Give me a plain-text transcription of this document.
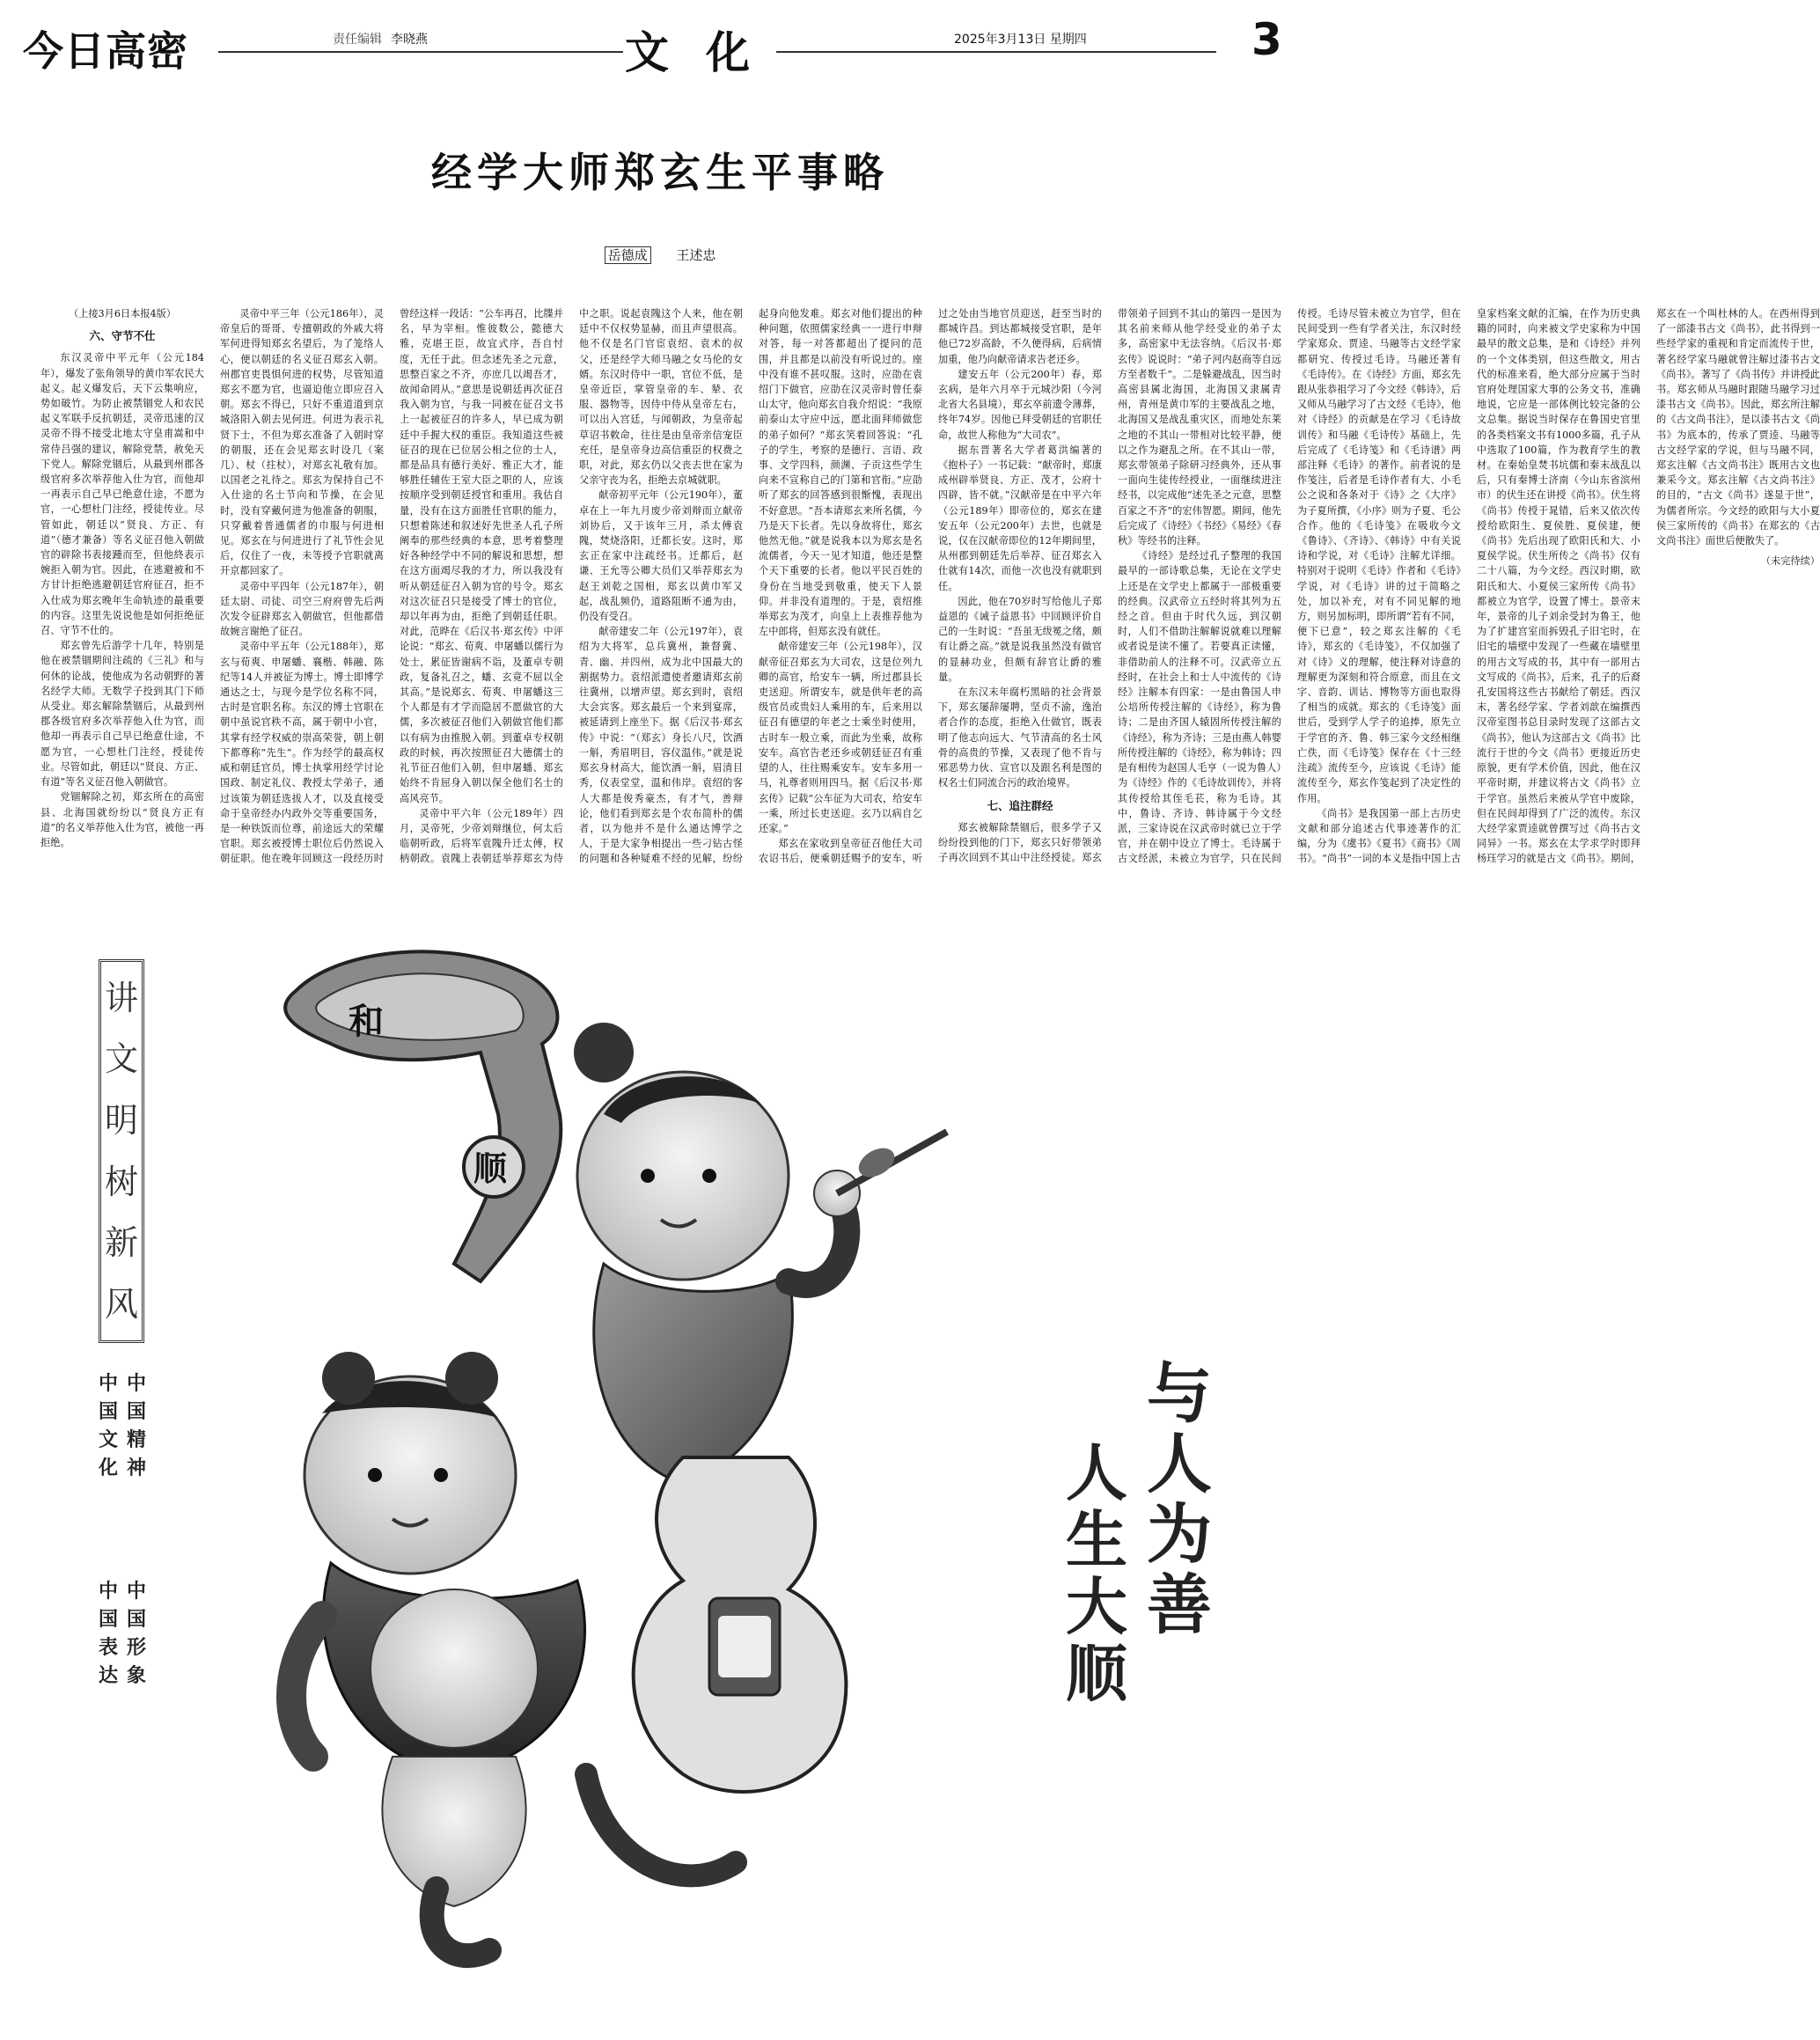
今日高密	责任编辑 李晓燕	文化	2025年3月13日 星期四	3
经学大师郑玄生平事略
岳德成 王述忠

（上接3月6日本报4版）

六、守节不仕

东汉灵帝中平元年（公元184年），爆发了张角领导的黄巾军农民大起义。起义爆发后，天下云集响应，势如破竹。为防止被禁锢党人和农民起义军联手反抗朝廷，灵帝迅速的汉灵帝不得不接受北地太守皇甫嵩和中常侍吕强的建议，解除党禁，赦免天下党人。解除党锢后，从最到州郡各级官府多次举荐他入仕为官，而他却一再表示自己早已绝意仕途，不愿为官，一心想杜门注经，授徒传业。尽管如此，朝廷以“贤良、方正、有道”（德才兼备）等名义征召他入朝做官的辟除书表接踵而至，但他終表示婉拒入朝为官。因此，在逃避被和不方甘计拒绝逃避朝廷官府征召，拒不入仕成为郑玄晚年生命轨迹的最重要的内容。这里先说说他是如何拒绝征召、守节不仕的。

郑玄曾先后游学十几年，特别是他在被禁锢期间注疏的《三礼》和与何休的论战，使他成为名动朝野的著名经学大师。无数学子投到其门下师从受业。郑玄解除禁锢后，从最到州郡各级官府多次举荐他入仕为官，而他却一再表示自己早已绝意仕途，不愿为官，一心想杜门注经，授徒传业。尽管如此，朝廷以“贤良、方正、有道”等名义征召他入朝做官。

党锢解除之初，郑玄所在的高密县、北海国就纷纷以“贤良方正有道”的名义举荐他入仕为官，被他一再拒绝。

灵帝中平三年（公元186年），灵帝皇后的哥哥、专擅朝政的外戚大将军何进得知郑玄名望后，为了笼络人心，便以朝廷的名义征召郑玄入朝。州郡官吏畏惧何进的权势，尽管知道郑玄不愿为官，也逼迫他立即应召入朝。郑玄不得已，只好不重道道到京城洛阳入朝去见何进。何进为表示礼贤下士，不但为郑玄准备了入朝时穿的朝服，还在会见郑玄时设几（案几）、杖（拄杖），对郑玄礼敬有加。以国老之礼待之。郑玄为保持自己不入仕途的名士节向和节操，在会见时，没有穿戴何进为他准备的朝服，只穿戴着普通儒者的巾服与何进相见。郑玄在与何进进行了礼节性会见后，仅住了一夜，未等授予官职就离开京都回家了。

灵帝中平四年（公元187年），朝廷太尉、司徒、司空三府府曾先后两次发令征辟郑玄入朝做官，但他都借故婉言谢绝了征召。

灵帝中平五年（公元188年），郑玄与荀爽、申屠蟠、襄楷、韩融、陈纪等14人并被征为博士。博士即博学通达之士，与现今是学位名称不同，古时是官职名称。东汉的博士官职在朝中虽说官秩不高，属于朝中小官，其掌有经学权威的崇高荣誉，朝上朝下都尊称“先生”。作为经学的最高权威和朝廷官员，博士执掌用经学讨论国政、制定礼仪、教授太学弟子，通过该策为朝廷选拔人才，以及直接受命于皇帝经办内政外交等重要国务，是一种铁饭而位尊，前途远大的荣耀官职。郑玄被授博士职位后仍然说入朝征职。他在晚年回顾这一段经历时曾经这样一段话：“公车再召，比牒并名，早为宰相。惟彼数公，懿德大雅，克堪王臣，故宜式序，吾自忖度，无任于此。但念述先圣之元意，思整百家之不齐，亦庶几以竭吾才，故闻命罔从。”意思是说朝廷再次征召我入朝为官，与我一同被在征召文书上一起被征召的许多人，早已成为朝廷中手握大权的重臣。我知道这些被征召的现在已位居公相之位的士人，都是品具有德行美好、雅正大才，能够胜任辅佐王室大臣之职的人，应该按顺序受到朝廷授官和重用。我估自量，没有在这方面胜任官职的能力，只想着陈述和叙述好先世圣人孔子所阐奉的那些经典的本意，思考着整理好各种经学中不同的解说和思想，想在这方面竭尽我的才力，所以我没有听从朝廷征召入朝为官的号令。郑玄对这次征召只是接受了博士的官位，却以年再为由，拒绝了到朝廷任职。对此，范晔在《后汉书·郑玄传》中评论说：“郑玄、荀爽、申屠蟠以儒行为处士，累征皆谢病不诣，及董卓专朝政，复备礼召之，蟠、玄竟不屈以全其高。”是说郑玄、荀爽、申屠蟠这三个人都是有才学而隐居不愿做官的大儒，多次被征召他们入朝做官他们都以有病为由推脱入朝。到董卓专权朝政的时候，再次按照征召大德儒士的礼节征召他们入朝，但申屠蟠、郑玄始终不肯屈身入朝以保全他们名士的高风亮节。

灵帝中平六年（公元189年）四月，灵帝死，少帝刘辩继位，何太后临朝听政，后将军袁隗升迁太傅，权柄朝政。袁隗上表朝廷举荐郑玄为侍中之职。说起袁隗这个人来，他在朝廷中不仅权势显赫，而且声望很高。他不仅是名门官宦袁绍、袁术的叔父，还是经学大师马融之女马伦的女婿。东汉时侍中一职，官位不低，是皇帝近臣，掌管皇帝的车、辇、衣服、器物等，因侍中侍从皇帝左右，可以出入宫廷，与闻朝政，为皇帝起草诏书敕命，往往是由皇帝亲信宠臣充任，是皇帝身边高信重臣的权费之职，对此，郑玄仍以父丧去世在家为父亲守丧为名，拒绝去京城就职。

献帝初平元年（公元190年），董卓在上一年九月废少帝刘辩而立献帝刘协后，又于该年三月，杀太傅袁隗，焚烧洛阳，迁都长安。这时，郑玄正在家中注疏经书。迁都后，赵谦、王允等公卿大员们又举荐郑玄为赵王刘乾之国相，郑玄以黄巾军又起，战乱频仍，道路阻断不通为由，仍没有受召。

献帝建安二年（公元197年），袁绍为大将军，总兵冀州，兼督冀、青、幽、并四州，成为北中国最大的割据势力。袁绍派遣使者邀请郑玄前往冀州，以增声望。郑玄到时，袁绍大会宾客。郑玄最后一个来到宴席，被延请到上座坐下。据《后汉书·郑玄传》中说：“（郑玄）身长八尺，饮酒一斛，秀眉明目，容仪温伟。”就是说郑玄身材高大，能饮酒一斛，眉清目秀，仪表堂堂，温和伟岸。袁绍的客人大都是俊秀豪杰，有才气，善辩论，他们看到郑玄是个农布简朴的儒者，以为他并不是什么通达博学之人，于是大家争相提出一些刁钻古怪的问题和各种疑难不经的见解，纷纷起身向他发难。郑玄对他们提出的种种问题，依照儒家经典一一进行申辩对答，每一对答都超出了提问的范围，并且都是以前没有听说过的。座中没有谁不甚叹服。这时，应劭在袁绍门下做官，应劭在汉灵帝时曾任泰山太守，他向郑玄自我介绍说：“我原前泰山太守应中远，愿北面拜师做您的弟子如何？”郑玄笑着回答说：“孔子的学生，考察的是德行、言语、政事、文学四科，颜渊、子贡这些学生向来不宣称自己的门第和官衔。”应劭听了郑玄的回答感到很惭愧，表现出不好意思。“吾本请郑玄来所名儒，今乃是天下长者。先以身故将仕，郑玄他然无他。”就是说我本以为郑玄是名流儒者，今天一见才知道，他还是整个天下重要的长者。他以平民百姓的身份在当地受到敬重，使天下人景仰。并非没有道理的。于是，袁绍推举郑玄为茂才，向皇上上表推荐他为左中郎将，但郑玄没有就任。

献帝建安三年（公元198年），汉献帝征召郑玄为大司农，这是位列九卿的高官，给安车一辆，所过郡县长吏送迎。所谓安车，就是供年老的高级官员或贵妇人乘用的车，后来用以征召有德望的年老之士乘坐时使用，古时车一般立乘，而此为坐乘，故称安车。高官告老还乡或朝廷征召有重望的人，往往赐乘安车。安车多用一马，礼尊者则用四马。据《后汉书·郑玄传》记载“公车征为大司农，给安车一乘，所过长吏送迎。玄乃以病自乞还家。”

郑玄在家收到皇帝征召他任大司农诏书后，便乘朝廷赐予的安车，听过之处由当地官员迎送，赶至当时的都城许昌。到达都城接受官职，是年他已72岁高龄，不久便得病，后病情加重，他乃向献帝请求告老还乡。

建安五年（公元200年）春，郑玄病，是年六月卒于元城沙阳（今河北省大名县境），郑玄卒前遗令薄葬，终年74岁。因他已拜受朝廷的官职任命，故世人称他为“大司农”。

据东晋著名大学者葛洪编著的《抱朴子》一书记载：“献帝时，郑康成州辟举贤良、方正、茂才，公府十四辟，皆不就。”汉献帝是在中平六年（公元189年）即帝位的，郑玄在建安五年（公元200年）去世，也就是说，仅在汉献帝即位的12年期间里，从州郡到朝廷先后举荐、征召郑玄入仕就有14次，而他一次也没有就职到任。

因此，他在70岁时写给他儿子郑益恩的《诫子益恩书》中回顾评价自己的一生时说：“吾虽无绂冕之绪，颇有让爵之高。”就是说我虽然没有做官的显赫功业，但颇有辞官让爵的雅量。

在东汉末年腐朽黑暗的社会背景下，郑玄屡辞屡聘，坚贞不渝，逸治者合作的态度，拒绝入仕做官，既表明了他志向远大、气节清高的名士风骨的高贵的节操，又表现了他不肯与邪恶势力伙、宣官以及跟名利是图的权名士们同流合污的政治境界。

七、追注群经

郑玄被解除禁锢后，很多学子又纷纷投到他的门下，郑玄只好带领弟子再次回到不其山中注经授徒。郑玄带领弟子回到不其山的第四一是因为其名前来师从他学经受业的弟子太多，高密家中无法容纳。《后汉书·郑玄传》说说时：“弟子河内赵商等自远方至者数千”。二是躲避战乱，因当时高密县属北海国，北海国又隶属青州，青州是黄巾军的主要战乱之地，北海国又是战乱重灾区，而地处东莱之地的不其山一带相对比较平静，便以之作为避乱之所。在不其山一带，郑玄带领弟子除研习经典外，还从事一面向生徒传经授业，一面继续进注经书，以完成他“述先圣之元意，思整百家之不齐”的宏伟智愿。期间，他先后完成了《诗经》《书经》《易经》《春秋》等经书的注释。

《诗经》是经过孔子整理的我国最早的一部诗歌总集，无论在文学史上还是在文学史上都属于一部极重要的经典。汉武帝立五经时将其列为五经之首。但由于时代久远，到汉朝时，人们不借助注解解说就难以理解或者说是读不懂了。若要真正读懂，非借助前人的注释不可。汉武帝立五经时，在社会上和士人中流传的《诗经》注解本有四家：一是由鲁国人申公培所传授注解的《诗经》，称为鲁诗；二是由齐国人辕固所传授注解的《诗经》，称为齐诗；三是由燕人韩婴所传授注解的《诗经》，称为韩诗；四是有相传为赵国人毛亨（一说为鲁人）为《诗经》作的《毛诗故训传》，并将其传授给其侄毛苌，称为毛诗。其中，鲁诗、齐诗、韩诗属于今文经派，三家诗说在汉武帝时就已立于学官，并在朝中设立了博士。毛诗属于古文经派，未被立为官学，只在民间传授。毛诗尽管未被立为官学，但在民间受到一些有学者关注，东汉时经学家郑众、贾逵、马融等古文经学家都研究、传授过毛诗。马融还著有《毛诗传》。在《诗经》方面，郑玄先跟从张恭祖学习了今文经《韩诗》，后又师从马融学习了古文经《毛诗》，他对《诗经》的贡献是在学习《毛诗故训传》和马融《毛诗传》基础上，先后完成了《毛诗笺》和《毛诗谱》两部注释《毛诗》的著作。前者说的是作笺注，后者是毛诗作者有大、小毛公之说和各条对于《诗》之《大序》为子夏所撰，《小序》则为子夏、毛公合作。他的《毛诗笺》在吸收今文《鲁诗》、《齐诗》、《韩诗》中有关说诗和学说，对《毛诗》注解尤详细。特别对于说明《毛诗》作者和《毛诗》学说，对《毛诗》讲的过于简略之处，加以补充，对有不同见解的地方，则另加标明，即所谓“若有不同，便下已意”，较之郑玄注解的《毛诗》，郑玄的《毛诗笺》，不仅加强了对《诗》义的理解，使注释对诗意的理解更为深刻和符合原意，而且在文字、音韵、训诂、博物等方面也取得了相当的成就。郑玄的《毛诗笺》面世后，受到学人学子的追捧，原先立于学官的齐、鲁、韩三家今文经相继亡佚，而《毛诗笺》保存在《十三经注疏》流传至今，应该说《毛诗》能流传至今，郑玄作笺起到了决定性的作用。

《尚书》是我国第一部上古历史文献和部分追述古代事迹著作的汇编，分为《虞书》《夏书》《商书》《周书》。“尚书”一词的本义是指中国上古皇家档案文献的汇编，在作为历史典籍的同时，向来被文学史家称为中国最早的散文总集，是和《诗经》并列的一个文体类别，但这些散文，用古代的标准来看，绝大部分应属于当时官府处理国家大事的公务文书，准确地说，它应是一部体例比较完备的公文总集。据说当时保存在鲁国史官里的各类档案文书有1000多篇，孔子从中选取了100篇，作为教育学生的教材。在秦始皇焚书坑儒和秦末战乱以后，只有秦博士济南（今山东省滨州市）的伏生还在讲授《尚书》。伏生将《尚书》传授于晁错，后来又依次传授给欧阳生、夏侯胜、夏侯建，便《尚书》先后出现了欧阳氏和大、小夏侯学说。伏生所传之《尚书》仅有二十八篇，为今文经。西汉时期，欧阳氏和大、小夏侯三家所传《尚书》都被立为官学，设置了博士。景帝末年，景帝的儿子刘余受封为鲁王，他为了扩建宫室而拆毁孔子旧宅时，在旧宅的墙壁中发现了一些藏在墙壁里的用古文写成的书，其中有一部用古文写成的《尚书》，后来，孔子的后裔孔安国将这些古书献给了朝廷。西汉末，著名经学家、学者刘歆在编撰西汉帝室图书总目录时发现了这部古文《尚书》，他认为这部古文《尚书》比流行于世的今文《尚书》更接近历史原貌，更有学术价值，因此，他在汉平帝时期，并建议将古文《尚书》立于学官。虽然后来被从学官中废除，但在民间却得到了广泛的流传。东汉大经学家贾逵就曾撰写过《尚书古文同异》一书。郑玄在太学求学时即拜杨珏学习的就是古文《尚书》。期间，郑玄在一个叫杜林的人。在西州得到了一部漆书古文《尚书》，此书得到一些经学家的重视和肯定而流传于世，著名经学家马融就曾注解过漆书古文《尚书》。著写了《尚书传》并讲授此书。郑玄师从马融时跟随马融学习过漆书古文《尚书》。因此，郑玄所注解的《古文尚书注》，是以漆书古文《尚书》为底本的，传承了贾逵、马融等古文经学家的学说，但与马融不同，郑玄注解《古文尚书注》既用古文也兼采今文。郑玄注解《古文尚书注》的目的，“古文《尚书》遂显于世”，为儒者所宗。今文经的欧阳与大小夏侯三家所传的《尚书》在郑玄的《古文尚书注》面世后便散失了。

（未完待续）

讲
文
明
树
新
风
中
国
精
神
中
国
文
化
中
国
形
象
中
国
表
达
和
顺
与
人
为
善
人
生
大
顺
